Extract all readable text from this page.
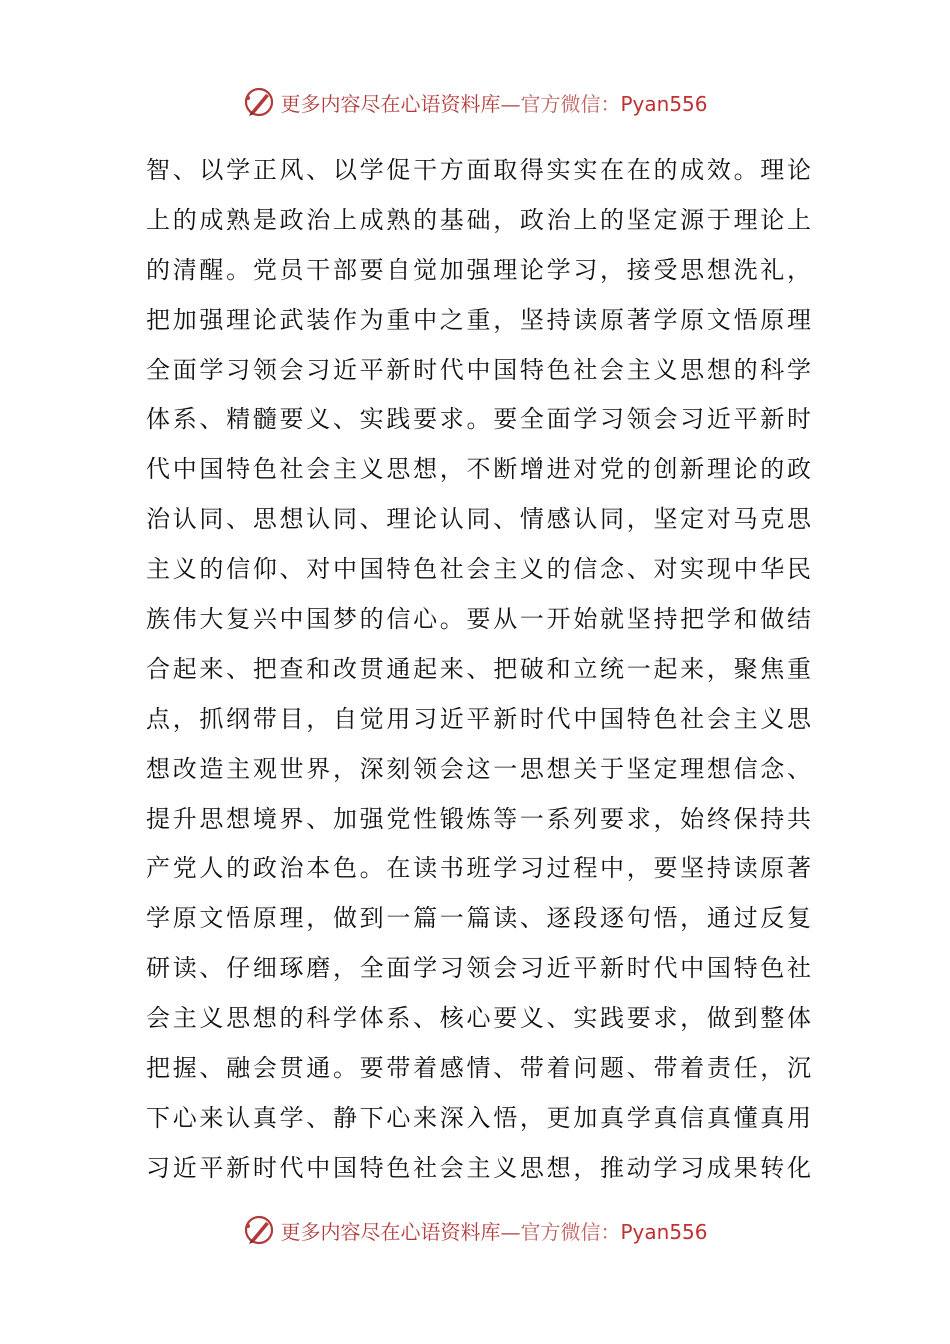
更多内容尽在心语资料库—官方微信：Pyan556
智、以学正风、以学促干方面取得实实在在的成效。理论
上的成熟是政治上成熟的基础，政治上的坚定源于理论上
的清醒。党员干部要自觉加强理论学习，接受思想洗礼，
把加强理论武装作为重中之重，坚持读原著学原文悟原理
全面学习领会习近平新时代中国特色社会主义思想的科学
体系、精髓要义、实践要求。要全面学习领会习近平新时
代中国特色社会主义思想，不断增进对党的创新理论的政
治认同、思想认同、理论认同、情感认同，坚定对马克思
主义的信仰、对中国特色社会主义的信念、对实现中华民
族伟大复兴中国梦的信心。要从一开始就坚持把学和做结
合起来、把查和改贯通起来、把破和立统一起来，聚焦重
点，抓纲带目，自觉用习近平新时代中国特色社会主义思
想改造主观世界，深刻领会这一思想关于坚定理想信念、
提升思想境界、加强党性锻炼等一系列要求，始终保持共
产党人的政治本色。在读书班学习过程中，要坚持读原著
学原文悟原理，做到一篇一篇读、逐段逐句悟，通过反复
研读、仔细琢磨，全面学习领会习近平新时代中国特色社
会主义思想的科学体系、核心要义、实践要求，做到整体
把握、融会贯通。要带着感情、带着问题、带着责任，沉
下心来认真学、静下心来深入悟，更加真学真信真懂真用
习近平新时代中国特色社会主义思想，推动学习成果转化
更多内容尽在心语资料库—官方微信：Pyan556
